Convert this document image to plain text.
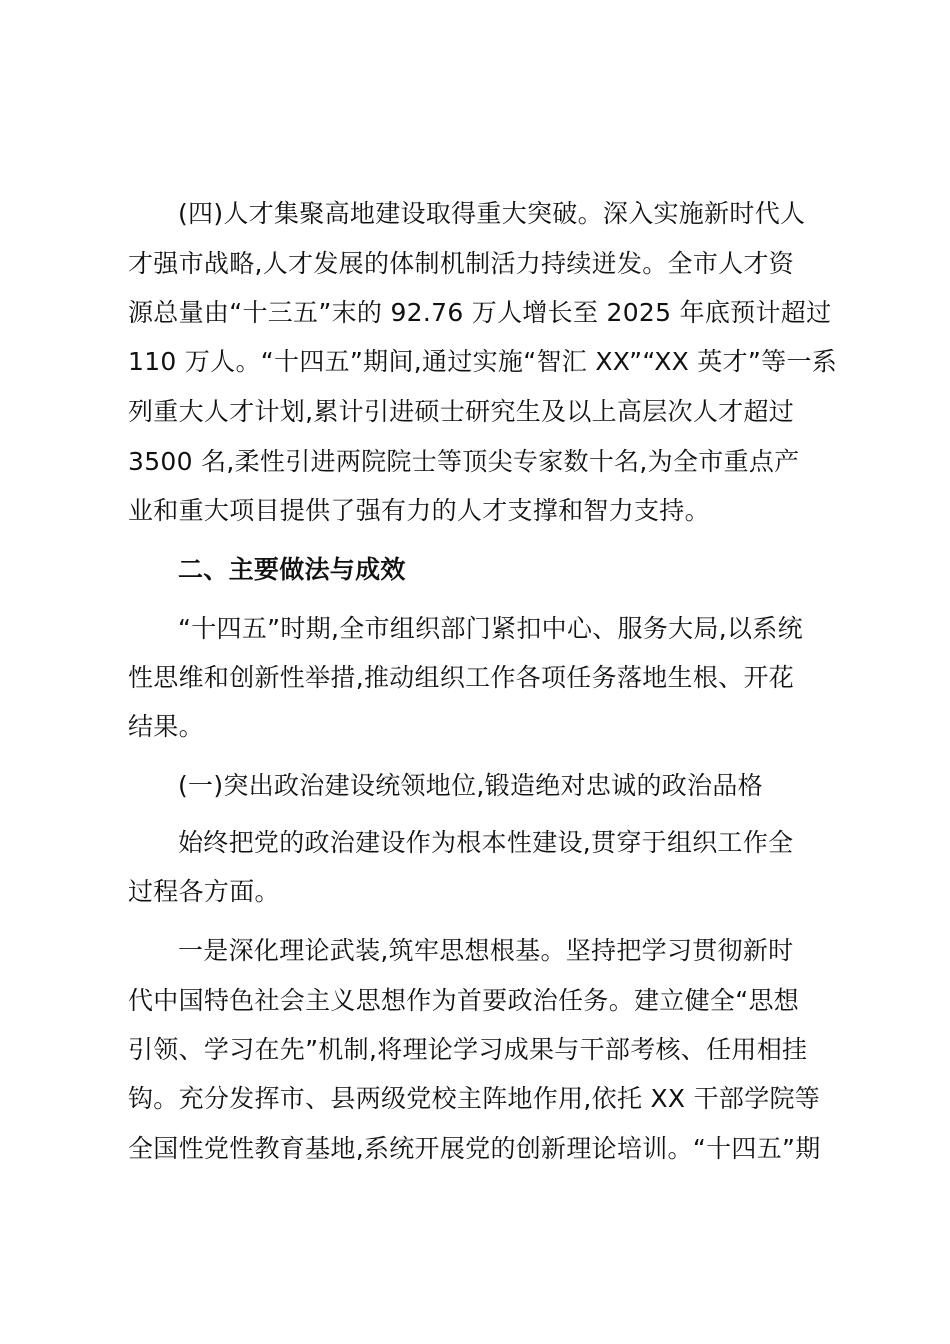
(四)人才集聚高地建设取得重大突破。深入实施新时代人
才强市战略,人才发展的体制机制活力持续迸发。全市人才资
源总量由“十三五”末的 92.76 万人增长至 2025 年底预计超过
110 万人。“十四五”期间,通过实施“智汇 XX”“XX 英才”等一系
列重大人才计划,累计引进硕士研究生及以上高层次人才超过
3500 名,柔性引进两院院士等顶尖专家数十名,为全市重点产
业和重大项目提供了强有力的人才支撑和智力支持。
二、主要做法与成效
“十四五”时期,全市组织部门紧扣中心、服务大局,以系统
性思维和创新性举措,推动组织工作各项任务落地生根、开花
结果。
(一)突出政治建设统领地位,锻造绝对忠诚的政治品格
始终把党的政治建设作为根本性建设,贯穿于组织工作全
过程各方面。
一是深化理论武装,筑牢思想根基。坚持把学习贯彻新时
代中国特色社会主义思想作为首要政治任务。建立健全“思想
引领、学习在先”机制,将理论学习成果与干部考核、任用相挂
钩。充分发挥市、县两级党校主阵地作用,依托 XX 干部学院等
全国性党性教育基地,系统开展党的创新理论培训。“十四五”期
